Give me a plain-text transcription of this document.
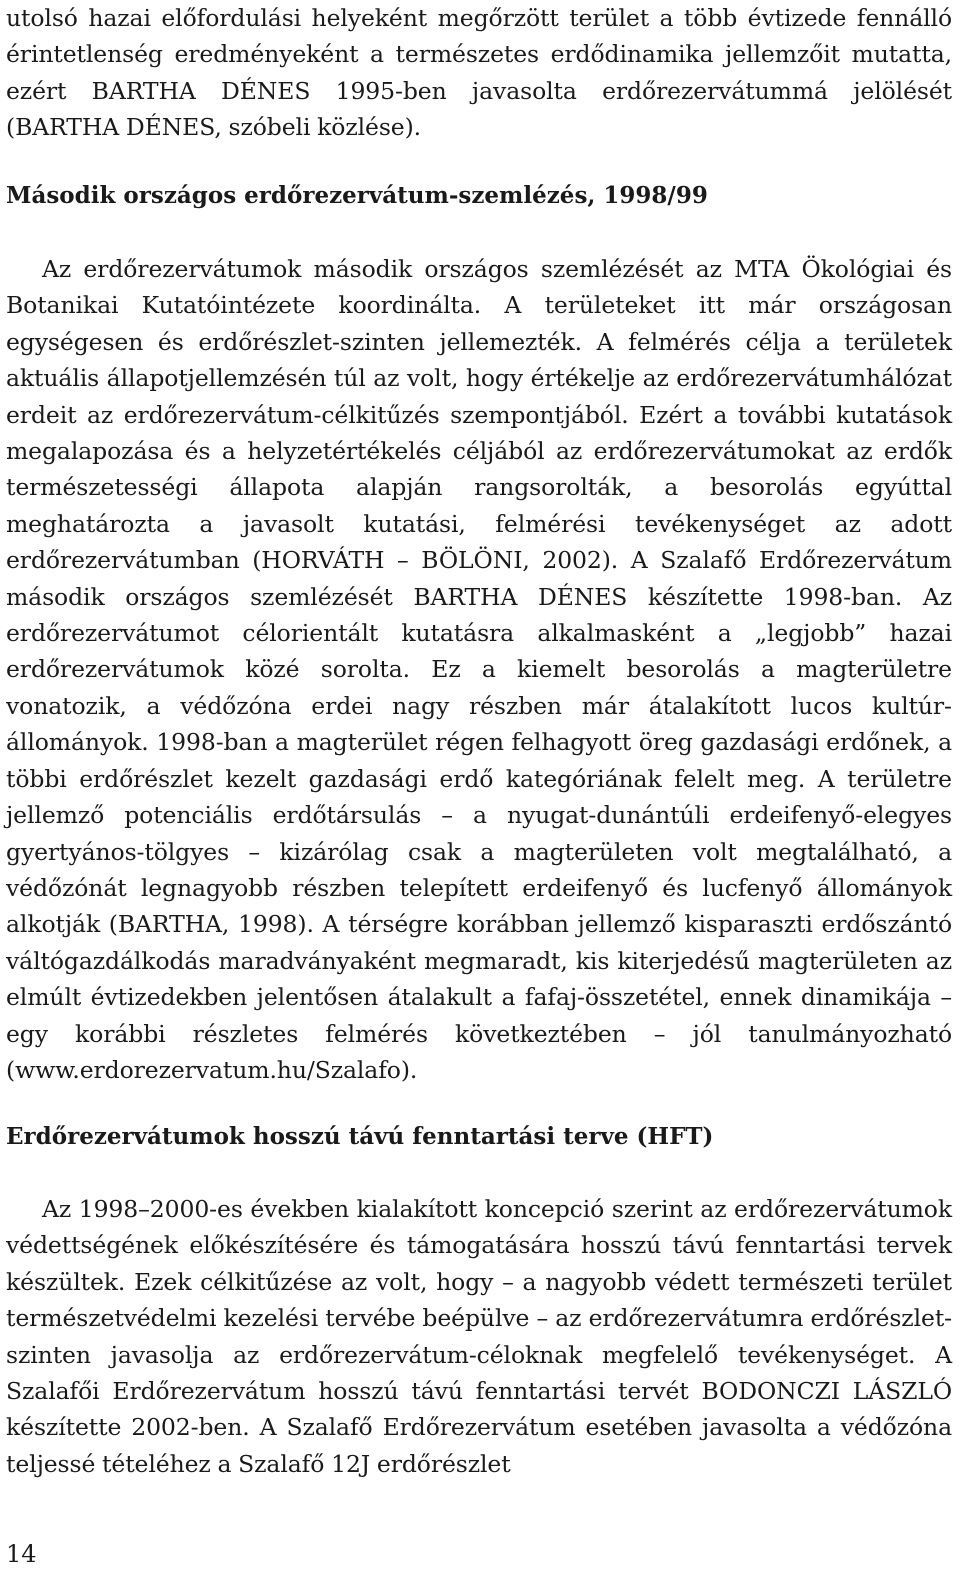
utolsó hazai előfordulási helyeként megőrzött terület a több évtizede fennálló érintetlenség eredményeként a természetes erdődinamika jellemzőit mutatta, ezért BARTHA DÉNES 1995-ben javasolta erdőrezervátummá jelölését (BARTHA DÉNES, szóbeli közlése).

Második országos erdőrezervátum-szemlézés, 1998/99

Az erdőrezervátumok második országos szemlézését az MTA Ökológiai és Botanikai Kutatóintézete koordinálta. A területeket itt már országosan egységesen és erdőrészlet-szinten jellemezték. A felmérés célja a területek aktuális állapotjellemzésén túl az volt, hogy értékelje az erdőrezervátumhálózat erdeit az erdőrezervátum-célkitűzés szempontjából. Ezért a további kutatások megalapozása és a helyzetértékelés céljából az erdőrezervátumokat az erdők természetességi állapota alapján rangsorolták, a besorolás egyúttal meghatározta a javasolt kutatási, felmérési tevékenységet az adott erdőrezervátumban (HORVÁTH – BÖLÖNI, 2002). A Szalafő Erdőrezervátum második országos szemlézését BARTHA DÉNES készítette 1998-ban. Az erdőrezervátumot célorientált kutatásra alkalmasként a „legjobb” hazai erdőrezervátumok közé sorolta. Ez a kiemelt besorolás a magterületre vonatozik, a védőzóna erdei nagy részben már átalakított lucos kultúrállományok. 1998-ban a magterület régen felhagyott öreg gazdasági erdőnek, a többi erdőrészlet kezelt gazdasági erdő kategóriának felelt meg. A területre jellemző potenciális erdőtársulás – a nyugat-dunántúli erdeifenyő-elegyes gyertyános-tölgyes – kizárólag csak a magterületen volt megtalálható, a védőzónát legnagyobb részben telepített erdeifenyő és lucfenyő állományok alkotják (BARTHA, 1998). A térségre korábban jellemző kisparaszti erdőszántó váltógazdálkodás maradványaként megmaradt, kis kiterjedésű magterületen az elmúlt évtizedekben jelentősen átalakult a fafaj-összetétel, ennek dinamikája – egy korábbi részletes felmérés következtében – jól tanulmányozható (www.erdorezervatum.hu/Szalafo).

Erdőrezervátumok hosszú távú fenntartási terve (HFT)

Az 1998–2000-es években kialakított koncepció szerint az erdőrezervátumok védettségének előkészítésére és támogatására hosszú távú fenntartási tervek készültek. Ezek célkitűzése az volt, hogy – a nagyobb védett természeti terület természetvédelmi kezelési tervébe beépülve – az erdőrezervátumra erdőrészlet-szinten javasolja az erdőrezervátum-céloknak megfelelő tevékenységet. A Szalafői Erdőrezervátum hosszú távú fenntartási tervét BODONCZI LÁSZLÓ készítette 2002-ben. A Szalafő Erdőrezervátum esetében javasolta a védőzóna teljessé tételéhez a Szalafő 12J erdőrészlet

14
